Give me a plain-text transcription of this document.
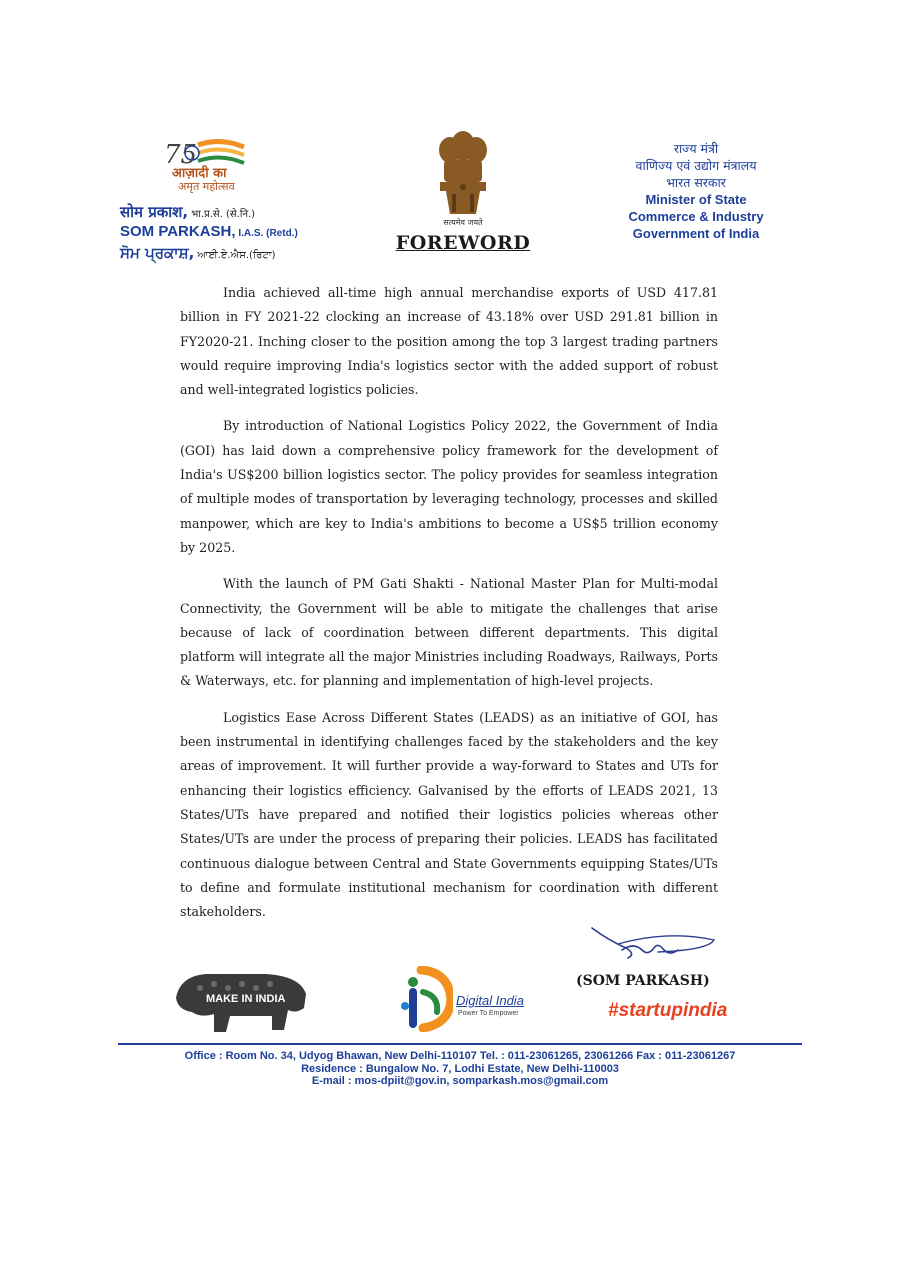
75
आज़ादी का
अमृत महोत्सव
सोम प्रकाश, भा.प्र.से. (से.नि.)
SOM PARKASH, I.A.S. (Retd.)
ਸੋਮ ਪ੍ਰਕਾਸ਼, ਆਈ.ਏ.ਐਸ.(ਰਿਟਾ)
सत्यमेव जयते
FOREWORD
राज्य मंत्री
वाणिज्य एवं उद्योग मंत्रालय
भारत सरकार
Minister of State
Commerce & Industry
Government of India

India achieved all-time high annual merchandise exports of USD 417.81 billion in FY 2021-22 clocking an increase of 43.18% over USD 291.81 billion in FY2020-21. Inching closer to the position among the top 3 largest trading partners would require improving India's logistics sector with the added support of robust and well-integrated logistics policies.

By introduction of National Logistics Policy 2022, the Government of India (GOI) has laid down a comprehensive policy framework for the development of India's US$200 billion logistics sector. The policy provides for seamless integration of multiple modes of transportation by leveraging technology, processes and skilled manpower, which are key to India's ambitions to become a US$5 trillion economy by 2025.

With the launch of PM Gati Shakti - National Master Plan for Multi-modal Connectivity, the Government will be able to mitigate the challenges that arise because of lack of coordination between different departments. This digital platform will integrate all the major Ministries including Roadways, Railways, Ports & Waterways, etc. for planning and implementation of high-level projects.

Logistics Ease Across Different States (LEADS) as an initiative of GOI, has been instrumental in identifying challenges faced by the stakeholders and the key areas of improvement. It will further provide a way-forward to States and UTs for enhancing their logistics efficiency. Galvanised by the efforts of LEADS 2021, 13 States/UTs have prepared and notified their logistics policies whereas other States/UTs are under the process of preparing their policies. LEADS has facilitated continuous dialogue between Central and State Governments equipping States/UTs to define and formulate institutional mechanism for coordination with different stakeholders.

(SOM PARKASH)
MAKE IN INDIA	Digital India
Power To Empower	#startupindia
Office : Room No. 34, Udyog Bhawan, New Delhi-110107 Tel. : 011-23061265, 23061266 Fax : 011-23061267
Residence : Bungalow No. 7, Lodhi Estate, New Delhi-110003
E-mail : mos-dpiit@gov.in, somparkash.mos@gmail.com
